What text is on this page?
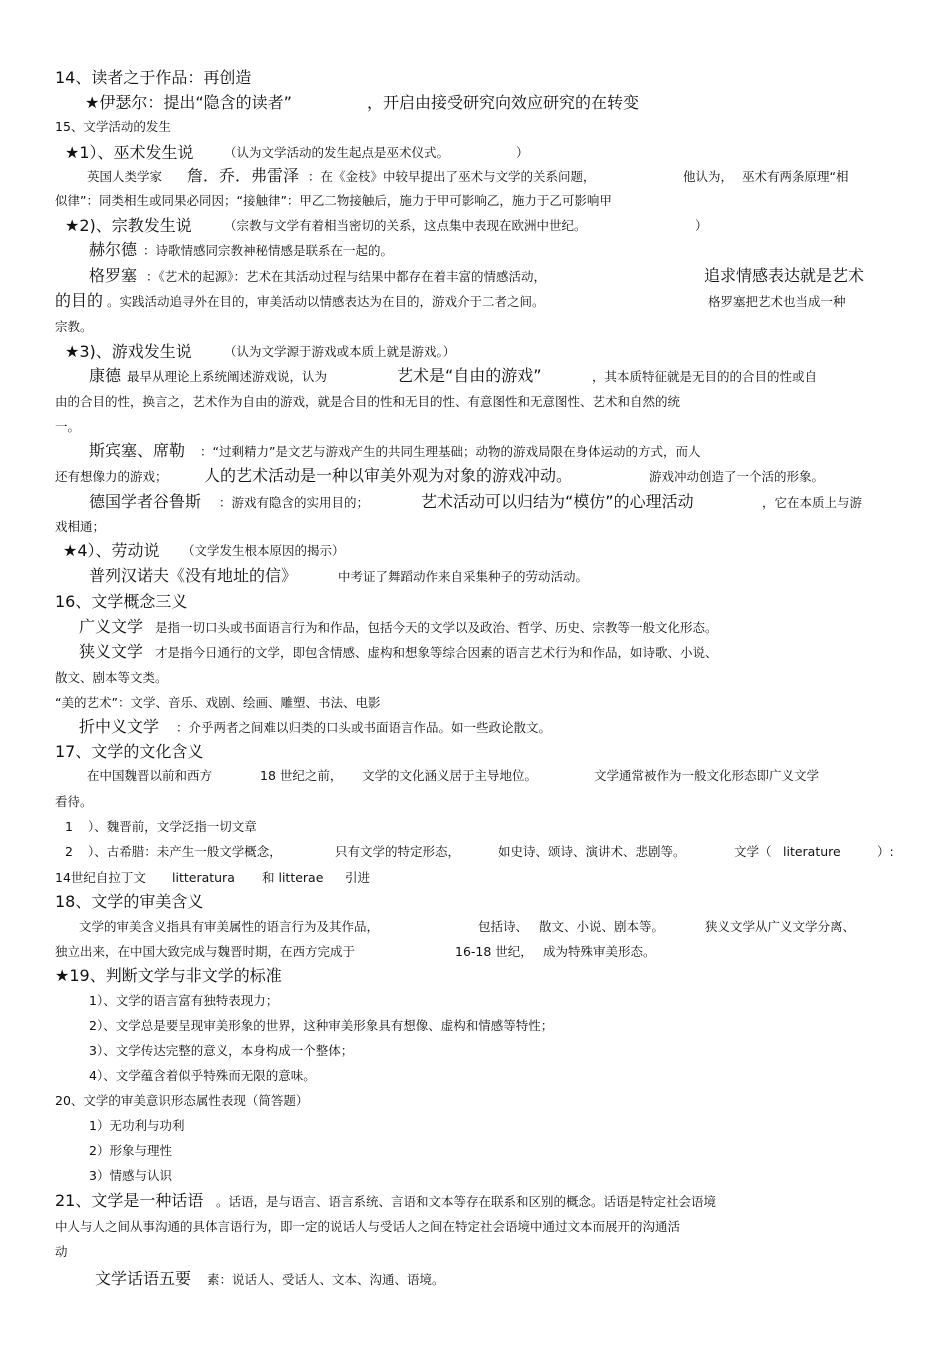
14、读者之于作品：再创造
★伊瑟尔：提出“隐含的读者”	，开启由接受研究向效应研究的在转变
15、文学活动的发生
★1）、巫术发生说 （认为文学活动的发生起点是巫术仪式。	）
英国人类学家 詹．乔．弗雷泽 ：在《金枝》中较早提出了巫术与文学的关系问题，	他认为， 巫术有两条原理“相
似律”：同类相生或同果必同因；“接触律”：甲乙二物接触后，施力于甲可影响乙，施力于乙可影响甲
★2)、宗教发生说	（宗教与文学有着相当密切的关系，这点集中表现在欧洲中世纪。	）
赫尔德 ：诗歌情感同宗教神秘情感是联系在一起的。
格罗塞 ：《艺术的起源》：艺术在其活动过程与结果中都存在着丰富的情感活动，	追求情感表达就是艺术
的目的 。实践活动追寻外在目的，审美活动以情感表达为在目的，游戏介于二者之间。	格罗塞把艺术也当成一种
宗教。
★3)、游戏发生说	（认为文学源于游戏或本质上就是游戏。）
康德 最早从理论上系统阐述游戏说，认为	艺术是“自由的游戏”	，其本质特征就是无目的的合目的性或自
由的合目的性，换言之，艺术作为自由的游戏，就是合目的性和无目的性、有意图性和无意图性、艺术和自然的统
一。
斯宾塞、席勒 ：“过剩精力”是文艺与游戏产生的共同生理基础；动物的游戏局限在身体运动的方式，而人
还有想像力的游戏； 人的艺术活动是一种以审美外观为对象的游戏冲动。	游戏冲动创造了一个活的形象。
德国学者谷鲁斯 ：游戏有隐含的实用目的；	艺术活动可以归结为“模仿”的心理活动	，它在本质上与游
戏相通；
★4）、劳动说 （文学发生根本原因的揭示）
普列汉诺夫《没有地址的信》	中考证了舞蹈动作来自采集种子的劳动活动。
16、文学概念三义
广义文学 是指一切口头或书面语言行为和作品，包括今天的文学以及政治、哲学、历史、宗教等一般文化形态。
狭义文学 才是指今日通行的文学，即包含情感、虚构和想象等综合因素的语言艺术行为和作品，如诗歌、小说、
散文、剧本等文类。
“美的艺术”：文学、音乐、戏剧、绘画、雕塑、书法、电影
折中义文学 ：介乎两者之间难以归类的口头或书面语言作品。如一些政论散文。
17、文学的文化含义
在中国魏晋以前和西方	18 世纪之前， 文学的文化涵义居于主导地位。	文学通常被作为一般文化形态即广义文学
看待。
1 ）、魏晋前，文学泛指一切文章
2 ）、古希腊：未产生一般文学概念，	只有文学的特定形态，	如史诗、颂诗、演讲术、悲剧等。	文学（ literature	）:
14世纪自拉丁文 litteratura 和 litterae 引进
18、文学的审美含义
文学的审美含义指具有审美属性的语言行为及其作品，	包括诗、 散文、小说、剧本等。	狭义文学从广义文学分离、
独立出来，在中国大致完成与魏晋时期，在西方完成于	16-18 世纪， 成为特殊审美形态。
★19、判断文学与非文学的标准
1）、文学的语言富有独特表现力；
2）、文学总是要呈现审美形象的世界，这种审美形象具有想像、虚构和情感等特性；
3）、文学传达完整的意义，本身构成一个整体；
4）、文学蕴含着似乎特殊而无限的意味。
20、文学的审美意识形态属性表现（简答题）
1）无功利与功利
2）形象与理性
3）情感与认识
21、文学是一种话语 。话语，是与语言、语言系统、言语和文本等存在联系和区别的概念。话语是特定社会语境
中人与人之间从事沟通的具体言语行为，即一定的说话人与受话人之间在特定社会语境中通过文本而展开的沟通活
动
文学话语五要 素：说话人、受话人、文本、沟通、语境。
